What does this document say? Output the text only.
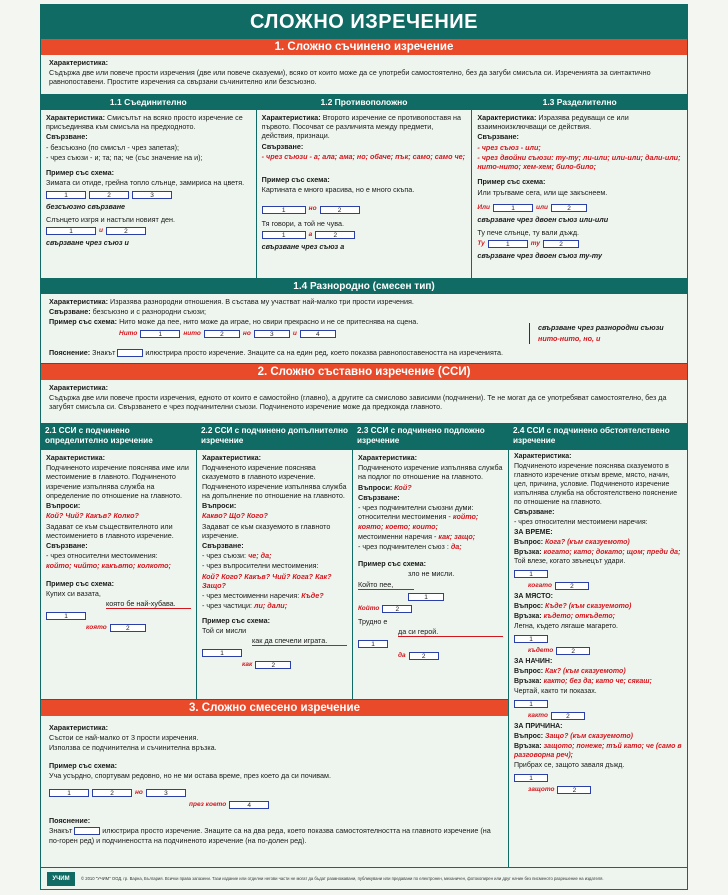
СЛОЖНО ИЗРЕЧЕНИЕ
1. Сложно съчинено изречение

Характеристика:

Съдържа две или повече прости изречения (две или повече сказуеми), всяко от които може да се употреби самостоятелно, без да загуби смисъла си. Изреченията за синтактично равнопоставени. Простите изречения са свързани съчинително или безсъюзно.

1.1 Съединително

Характеристика: Смисълът на всяко просто изречение се присъединява към смисъла на предходното.

Свързване:

- безсъюзно (по смисъл - чрез запетая);

- чрез съюзи - и; та; па; че (със значение на и);

Пример със схема:

Зимата си отиде, грейна топло слънце, замириса на цветя.

1	2	3

безсъюзно свързване

Слънцето изгря и настъпи новият ден.

1	и	2

свързване чрез съюз и

1.2 Противоположно

Характеристика: Второто изречение се противопоставя на първото. Посочват се различията между предмети, действия, признаци.

Свързване:

- чрез съюзи - а; ала; ама; но; обаче; пък; само; само че;

Пример със схема:

Картината е много красива, но е много скъпа.

1	но	2

Тя говори, а той не чува.

1	а	2

свързване чрез съюз а

1.3 Разделително

Характеристика: Изразява редуващи се или взаимноизключващи се действия.

Свързване:

- чрез съюз - или;

- чрез двойни съюзи: ту-ту; ли-или; или-или; дали-или; нито-нито; хем-хем; било-било;

Пример със схема:

Или тръгваме сега, или ще закъснеем.

Или	1	или	2

свързване чрез двоен съюз или-или

Ту пече слънце, ту вали дъжд.

Ту	1	ту	2

свързване чрез двоен съюз ту-ту

1.4 Разнородно (смесен тип)

Характеристика: Изразява разнородни отношения. В състава му участват най-малко три прости изречения.

Свързване: безсъюзно и с разнородни съюзи;

Пример със схема: Нито може да пее, нито може да играе, но свири прекрасно и не се притеснява на сцена.

Нито	1	нито	2	но	3	и	4

свързване чрез разнородни съюзи

нито-нито, но, и

Пояснение: Знакът	илюстрира просто изречение. Знаците са на един ред, което показва равнопоставеността на изреченията.

2. Сложно съставно изречение (ССИ)

Характеристика:

Съдържа две или повече прости изречения, едното от които е самостойно (главно), а другите са смислово зависими (подчинени). Те не могат да се употребяват самостоятелно, без да загубят смисъла си. Свързването е чрез подчинителни съюзи. Подчиненото изречение може да предхожда главното.

2.1 ССИ с подчинено определително изречение

Характеристика:

Подчиненото изречение пояснява име или местоимение в главното. Подчиненото изречение изпълнява служба на определение по отношение на главното.

Въпроси:

Кой? Чий? Какъв? Колко?

Задават се към съществителното или местоимението в главното изречение.

Свързване:

- чрез относителни местоимения:

който; чийто; какъвто; колкото;

Пример със схема:

Купих си вазата,

която бе най-хубава.

1
която	2
2.2 ССИ с подчинено допълнително изречение

Характеристика:

Подчиненото изречение пояснява сказуемото в главното изречение. Подчиненото изречение изпълнява служба на допълнение по отношение на главното.

Въпроси:

Какво? Що? Кого?

Задават се към сказуемото в главното изречение.

Свързване:

- чрез съюзи: че; да;

- чрез въпросителни местоимения:

Кой? Кого? Какъв? Чий? Кога? Как? Защо?

- чрез местоименни наречия: Къде?

- чрез частици: ли; дали;

Пример със схема:

Той си мисли

как да спечели играта.

1
как	2
2.3 ССИ с подчинено подложно изречение

Характеристика:

Подчиненото изречение изпълнява служба на подлог по отношение на главното.

Въпроси: Кой?

Свързване:

- чрез подчинителни съюзни думи: относителни местоимения - който; която; което; които;

местоименни наречия - как; защо;

- чрез подчинителен съюз : да;

Пример със схема:

зло не мисли.

Който пее,

1
Който	2

Трудно е

да си герой.

1
да	2
3. Сложно смесено изречение

Характеристика:

Състои се най-малко от 3 прости изречения.

Използва се подчинителна и съчинителна връзка.

Пример със схема:

Уча усърдно, спортувам редовно, но не ми остава време, през което да си почивам.

1	2	но	3
през което	4

Пояснение:

Знакът	илюстрира просто изречение. Знаците са на два реда, което показва самостоятелността на главното изречение (на по-горен ред) и подчинеността на подчиненото изречение (на по-долен ред).

2.4 ССИ с подчинено обстоятелствено изречение

Характеристика:

Подчиненото изречение пояснява сказуемото в главното изречение откъм време, място, начин, цел, причина, условие. Подчиненото изречение изпълнява служба на обстоятелствено пояснение по отношение на главното.

Свързване:

- чрез относителни местоимени наречия:

ЗА ВРЕМЕ:

Въпрос: Кога? (към сказуемото)

Връзка: когато; като; докато; щом; преди да;

Той влезе, когато звънецът удари.

1
когато	2

ЗА МЯСТО:

Въпрос: Къде? (към сказуемото)

Връзка: където; откъдето;

Легна, където лягаше магарето.

1
където	2

ЗА НАЧИН:

Въпрос: Как? (към сказуемото)

Връзка: както; без да; като че; сякаш;

Чертай, както ти показах.

1
както	2

ЗА ПРИЧИНА:

Въпрос: Защо? (към сказуемото)

Връзка: защото; понеже; тъй като; че (само в разговорна реч);

Прибрах се, защото заваля дъжд.

1
защото	2
УЧИМ	© 2010 "УЧИМ" ООД, гр. Варна, България. Всички права запазени. Тази издание или отделни негови части не могат да бъдат размножавани, публикувани или предавани по електронен, механичен, фотокопирен или друг начин без писменото разрешение на издателя.
